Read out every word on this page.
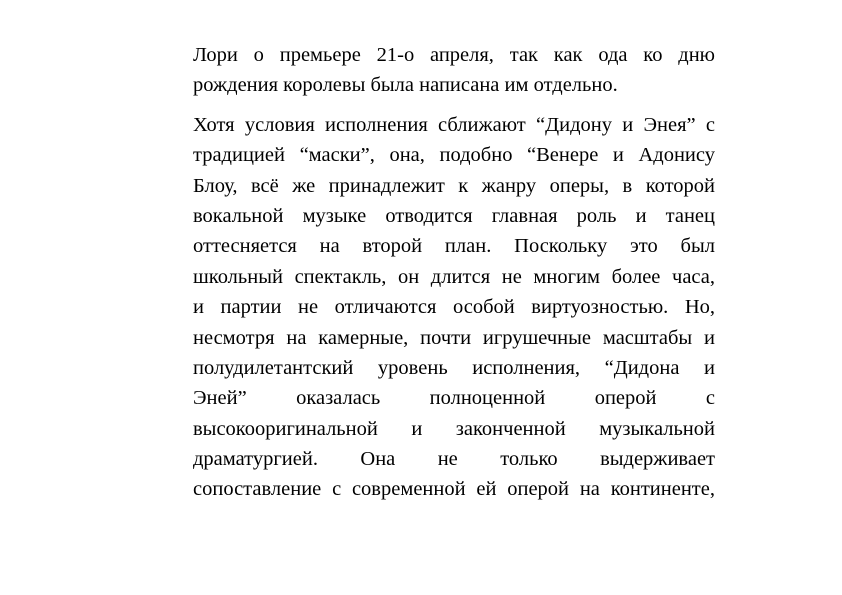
Лори о премьере 21-о апреля, так как ода ко дню
рождения королевы была написана им отдельно.

Хотя условия исполнения сближают “Дидону и Энея” с
традицией “маски”, она, подобно “Венере и Адонису
Блоу, всё же принадлежит к жанру оперы, в которой
вокальной музыке отводится главная роль и танец
оттесняется на второй план. Поскольку это был
школьный спектакль, он длится не многим более часа,
и партии не отличаются особой виртуозностью. Но,
несмотря на камерные, почти игрушечные масштабы и
полудилетантский уровень исполнения, “Дидона и
Эней” оказалась полноценной оперой с
высокооригинальной и законченной музыкальной
драматургией. Она не только выдерживает
сопоставление с современной ей оперой на континенте,
